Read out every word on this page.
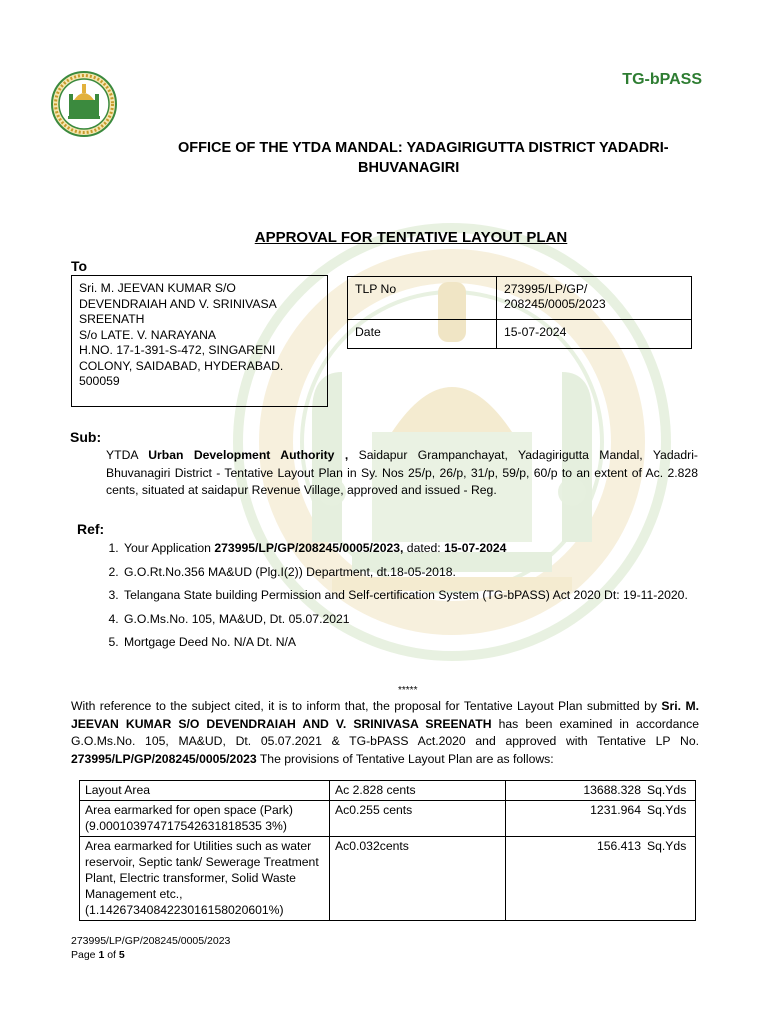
TG-bPASS
OFFICE OF THE YTDA MANDAL: YADAGIRIGUTTA DISTRICT YADADRI-
BHUVANAGIRI
APPROVAL FOR TENTATIVE LAYOUT PLAN
To
Sri. M. JEEVAN KUMAR S/O
DEVENDRAIAH AND V. SRINIVASA
SREENATH
S/o LATE. V. NARAYANA
H.NO. 17-1-391-S-472, SINGARENI
COLONY, SAIDABAD, HYDERABAD.
500059
TLP No	273995/LP/GP/
208245/0005/2023
Date	15-07-2024
Sub:
YTDA Urban Development Authority , Saidapur Grampanchayat, Yadagirigutta Mandal, Yadadri-Bhuvanagiri District - Tentative Layout Plan in Sy. Nos 25/p, 26/p, 31/p, 59/p, 60/p to an extent of Ac. 2.828 cents, situated at saidapur Revenue Village, approved and issued - Reg.
Ref:
1. Your Application 273995/LP/GP/208245/0005/2023, dated: 15-07-2024
2. G.O.Rt.No.356 MA&UD (Plg.I(2)) Department, dt.18-05-2018.
3. Telangana State building Permission and Self-certification System (TG-bPASS) Act 2020 Dt: 19-11-2020.
4. G.O.Ms.No. 105, MA&UD, Dt. 05.07.2021
5. Mortgage Deed No. N/A Dt. N/A
*****
With reference to the subject cited, it is to inform that, the proposal for Tentative Layout Plan submitted by Sri. M. JEEVAN KUMAR S/O DEVENDRAIAH AND V. SRINIVASA SREENATH has been examined in accordance G.O.Ms.No. 105, MA&UD, Dt. 05.07.2021 & TG-bPASS Act.2020 and approved with Tentative LP No. 273995/LP/GP/208245/0005/2023 The provisions of Tentative Layout Plan are as follows:
Layout Area	Ac 2.828 cents	13688.328 Sq.Yds

Area earmarked for open space (Park) (9.000103974717542631818535 3%)	Ac0.255 cents	1231.964 Sq.Yds

Area earmarked for Utilities such as water reservoir, Septic tank/ Sewerage Treatment Plant, Electric transformer, Solid Waste Management etc., (1.1426734084223016158020601%)	Ac0.032cents	156.413 Sq.Yds
273995/LP/GP/208245/0005/2023
Page 1 of 5
